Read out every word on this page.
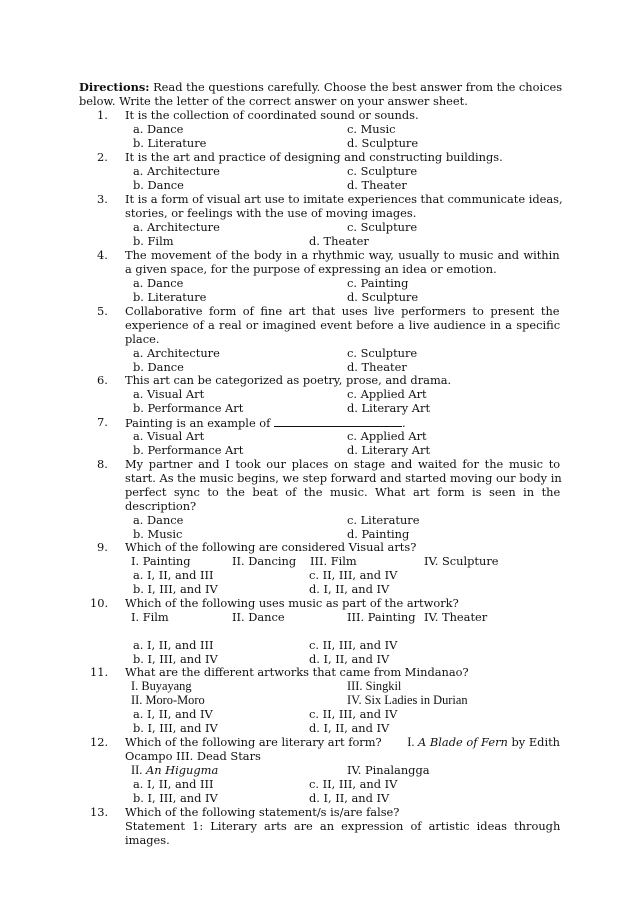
Directions: Read the questions carefully. Choose the best answer from the choices
below. Write the letter of the correct answer on your answer sheet.
1. It is the collection of coordinated sound or sounds.
a. Dance	c. Music
b. Literature	d. Sculpture
2. It is the art and practice of designing and constructing buildings.
a. Architecture	c. Sculpture
b. Dance	d. Theater
3. It is a form of visual art use to imitate experiences that communicate ideas,
stories, or feelings with the use of moving images.
a. Architecture	c. Sculpture
b. Film	d. Theater
4. The movement of the body in a rhythmic way, usually to music and within
a given space, for the purpose of expressing an idea or emotion.
a. Dance	c. Painting
b. Literature	d. Sculpture
5. Collaborative form of fine art that uses live performers to present the
experience of a real or imagined event before a live audience in a specific
place.
a. Architecture	c. Sculpture
b. Dance	d. Theater
6. This art can be categorized as poetry, prose, and drama.
a. Visual Art	c. Applied Art
b. Performance Art	d. Literary Art
7. Painting is an example of	.
a. Visual Art	c. Applied Art
b. Performance Art	d. Literary Art
8. My partner and I took our places on stage and waited for the music to
start. As the music begins, we step forward and started moving our body in
perfect sync to the beat of the music. What art form is seen in the
description?
a. Dance	c. Literature
b. Music	d. Painting
9. Which of the following are considered Visual arts?
I. Painting	II. Dancing III. Film	IV. Sculpture
a. I, II, and III	c. II, III, and IV
b. I, III, and IV	d. I, II, and IV
10. Which of the following uses music as part of the artwork?
I. Film	II. Dance	III. Painting IV. Theater
a. I, II, and III	c. II, III, and IV
b. I, III, and IV	d. I, II, and IV
11. What are the different artworks that came from Mindanao?
I. Buyayang	III. Singkil
II. Moro-Moro	IV. Six Ladies in Durian
a. I, II, and IV	c. II, III, and IV
b. I, III, and IV	d. I, II, and IV
12. Which of the following are literary art form? I. A Blade of Fern by Edith
Ocampo III. Dead Stars
II. An Higugma	IV. Pinalangga
a. I, II, and III	c. II, III, and IV
b. I, III, and IV	d. I, II, and IV
13. Which of the following statement/s is/are false?
Statement 1: Literary arts are an expression of artistic ideas through
images.
